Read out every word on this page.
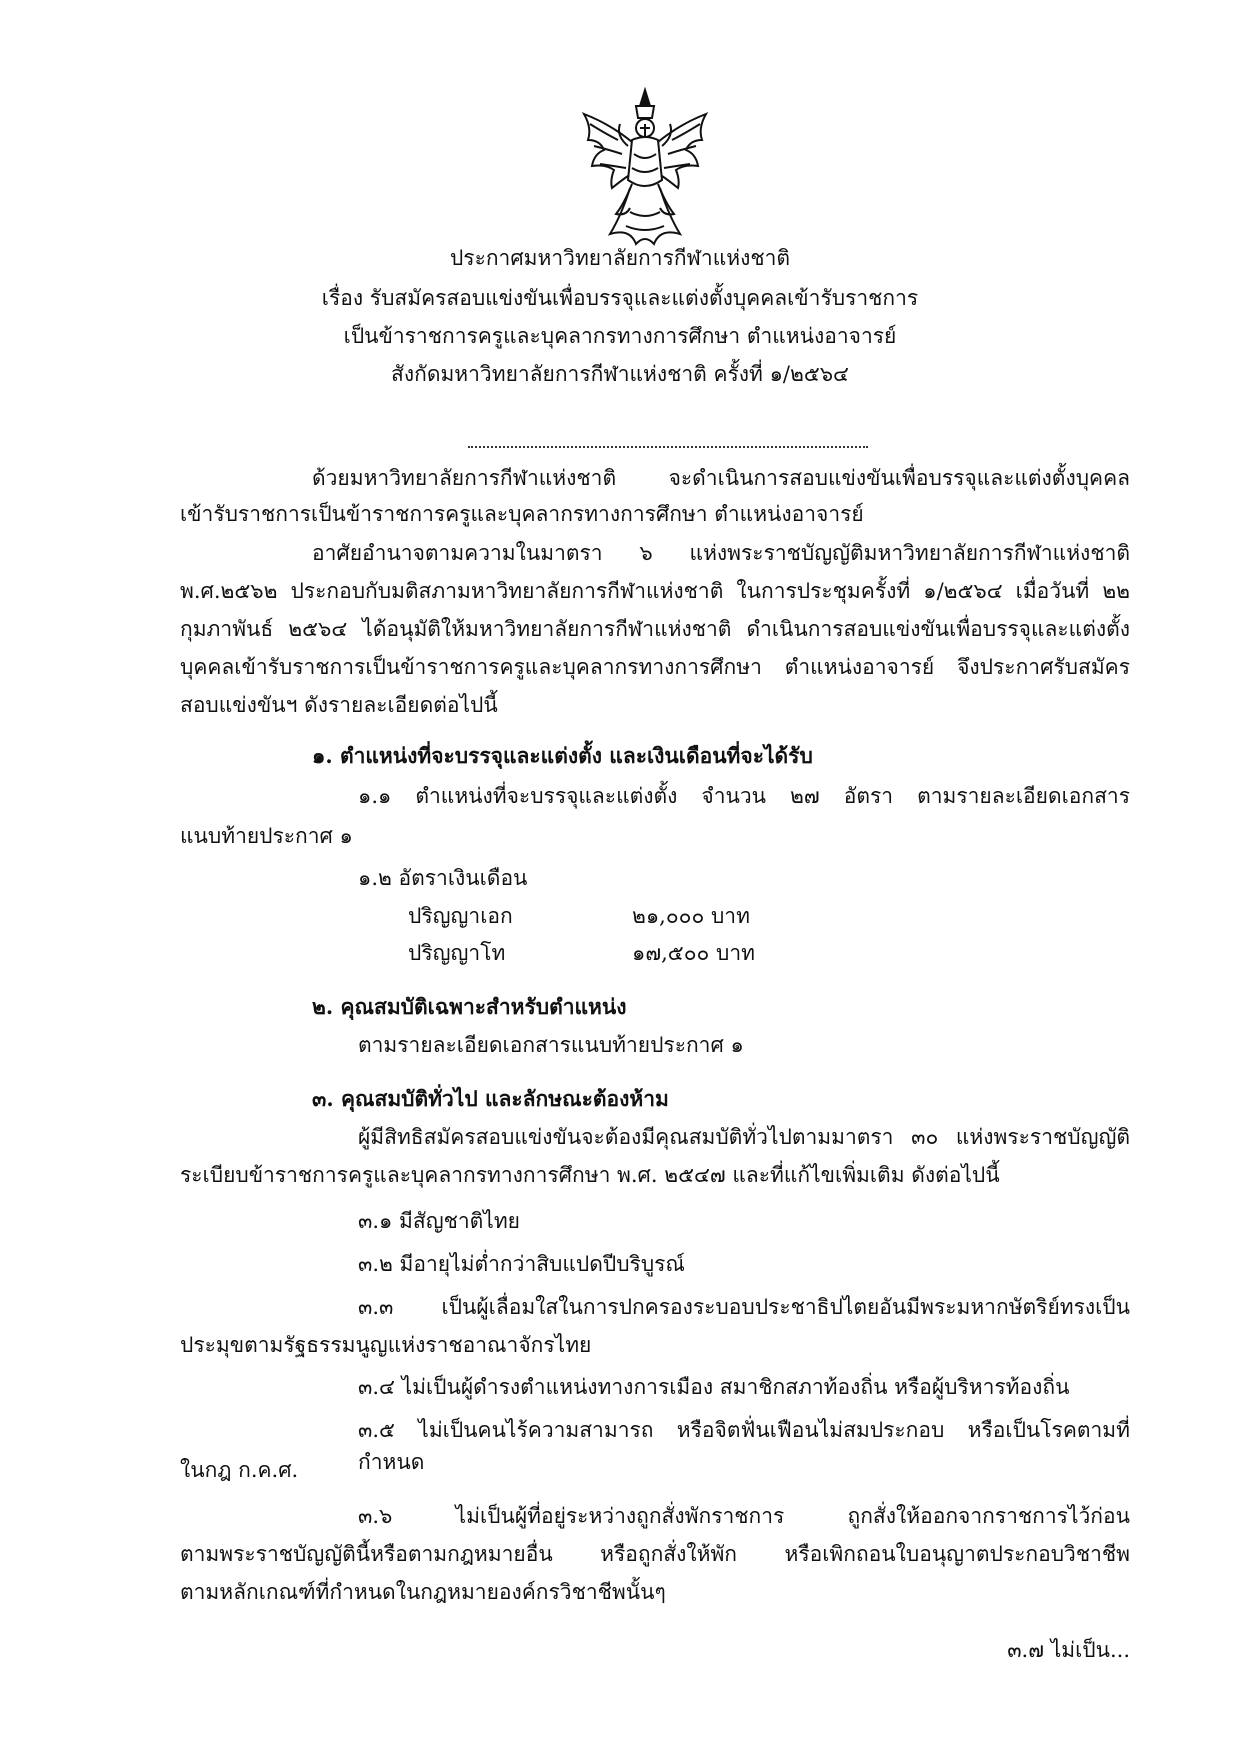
ประกาศมหาวิทยาลัยการกีฬาแห่งชาติ
เรื่อง รับสมัครสอบแข่งขันเพื่อบรรจุและแต่งตั้งบุคคลเข้ารับราชการ
เป็นข้าราชการครูและบุคลากรทางการศึกษา ตำแหน่งอาจารย์
สังกัดมหาวิทยาลัยการกีฬาแห่งชาติ ครั้งที่ ๑/๒๕๖๔
ด้วยมหาวิทยาลัยการกีฬาแห่งชาติ จะดำเนินการสอบแข่งขันเพื่อบรรจุและแต่งตั้งบุคคล
เข้ารับราชการเป็นข้าราชการครูและบุคลากรทางการศึกษา ตำแหน่งอาจารย์
อาศัยอำนาจตามความในมาตรา ๖ แห่งพระราชบัญญัติมหาวิทยาลัยการกีฬาแห่งชาติ
พ.ศ.๒๕๖๒ ประกอบกับมติสภามหาวิทยาลัยการกีฬาแห่งชาติ ในการประชุมครั้งที่ ๑/๒๕๖๔ เมื่อวันที่ ๒๒
กุมภาพันธ์ ๒๕๖๔ ได้อนุมัติให้มหาวิทยาลัยการกีฬาแห่งชาติ ดำเนินการสอบแข่งขันเพื่อบรรจุและแต่งตั้ง
บุคคลเข้ารับราชการเป็นข้าราชการครูและบุคลากรทางการศึกษา ตำแหน่งอาจารย์ จึงประกาศรับสมัคร
สอบแข่งขันฯ ดังรายละเอียดต่อไปนี้
๑. ตำแหน่งที่จะบรรจุและแต่งตั้ง และเงินเดือนที่จะได้รับ
๑.๑ ตำแหน่งที่จะบรรจุและแต่งตั้ง จำนวน ๒๗ อัตรา ตามรายละเอียดเอกสาร
แนบท้ายประกาศ ๑
๑.๒ อัตราเงินเดือน
ปริญญาเอก	๒๑,๐๐๐ บาท
ปริญญาโท	๑๗,๕๐๐ บาท
๒. คุณสมบัติเฉพาะสำหรับตำแหน่ง
ตามรายละเอียดเอกสารแนบท้ายประกาศ ๑
๓. คุณสมบัติทั่วไป และลักษณะต้องห้าม
ผู้มีสิทธิสมัครสอบแข่งขันจะต้องมีคุณสมบัติทั่วไปตามมาตรา ๓๐ แห่งพระราชบัญญัติ
ระเบียบข้าราชการครูและบุคลากรทางการศึกษา พ.ศ. ๒๕๔๗ และที่แก้ไขเพิ่มเติม ดังต่อไปนี้
๓.๑ มีสัญชาติไทย
๓.๒ มีอายุไม่ต่ำกว่าสิบแปดปีบริบูรณ์
๓.๓ เป็นผู้เลื่อมใสในการปกครองระบอบประชาธิปไตยอันมีพระมหากษัตริย์ทรงเป็น
ประมุขตามรัฐธรรมนูญแห่งราชอาณาจักรไทย
๓.๔ ไม่เป็นผู้ดำรงตำแหน่งทางการเมือง สมาชิกสภาท้องถิ่น หรือผู้บริหารท้องถิ่น
๓.๕ ไม่เป็นคนไร้ความสามารถ หรือจิตฟั่นเฟือนไม่สมประกอบ หรือเป็นโรคตามที่กำหนด
ในกฎ ก.ค.ศ.
๓.๖ ไม่เป็นผู้ที่อยู่ระหว่างถูกสั่งพักราชการ ถูกสั่งให้ออกจากราชการไว้ก่อน
ตามพระราชบัญญัตินี้หรือตามกฎหมายอื่น หรือถูกสั่งให้พัก หรือเพิกถอนใบอนุญาตประกอบวิชาชีพ
ตามหลักเกณฑ์ที่กำหนดในกฎหมายองค์กรวิชาชีพนั้นๆ
๓.๗ ไม่เป็น...
